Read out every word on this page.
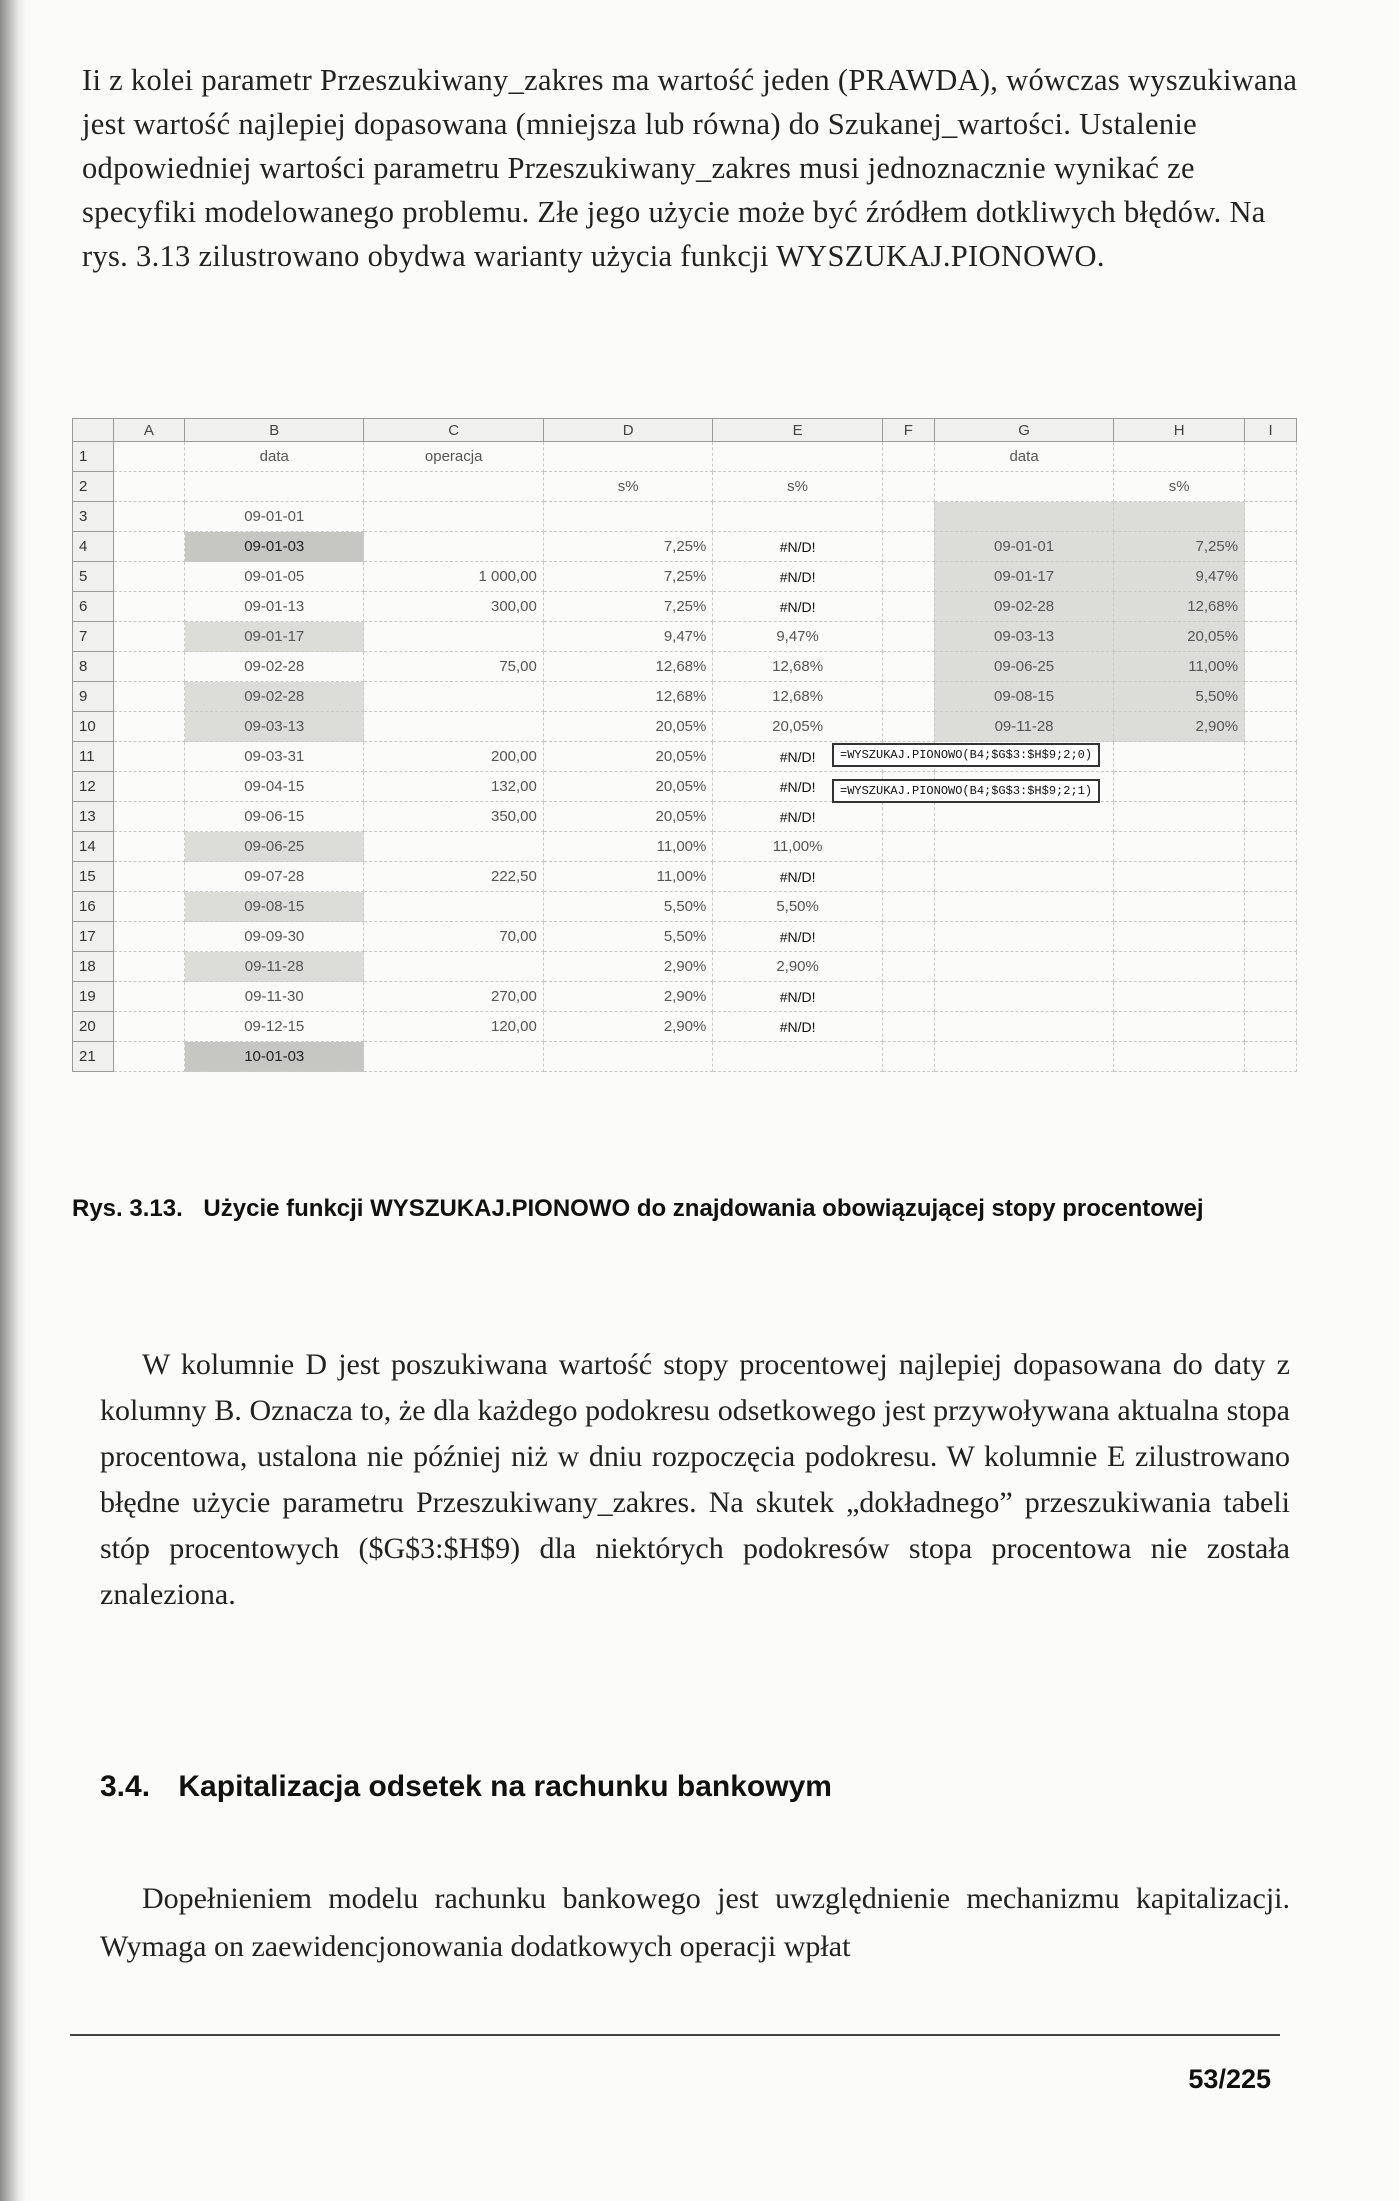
Ii z kolei parametr Przeszukiwany_zakres ma wartość jeden (PRAWDA), wówczas wyszukiwana jest wartość najlepiej dopasowana (mniejsza lub równa) do Szukanej_wartości. Ustalenie odpowiedniej wartości parametru Przeszukiwany_zakres musi jednoznacznie wynikać ze specyfiki modelowanego problemu. Złe jego użycie może być źródłem dotkliwych błędów. Na rys. 3.13 zilustrowano obydwa warianty użycia funkcji WYSZUKAJ.PIONOWO.

	A	B	C	D	E	F	G	H	I
1		data	operacja				data		
2				s%	s%			s%	
3		09-01-01							
4		09-01-03		7,25%	#N/D!		09-01-01	7,25%	
5		09-01-05	1 000,00	7,25%	#N/D!		09-01-17	9,47%	
6		09-01-13	300,00	7,25%	#N/D!		09-02-28	12,68%	
7		09-01-17		9,47%	9,47%		09-03-13	20,05%	
8		09-02-28	75,00	12,68%	12,68%		09-06-25	11,00%	
9		09-02-28		12,68%	12,68%		09-08-15	5,50%	
10		09-03-13		20,05%	20,05%		09-11-28	2,90%	
11		09-03-31	200,00	20,05%	#N/D!				
12		09-04-15	132,00	20,05%	#N/D!				
13		09-06-15	350,00	20,05%	#N/D!				
14		09-06-25		11,00%	11,00%				
15		09-07-28	222,50	11,00%	#N/D!				
16		09-08-15		5,50%	5,50%				
17		09-09-30	70,00	5,50%	#N/D!				
18		09-11-28		2,90%	2,90%				
19		09-11-30	270,00	2,90%	#N/D!				
20		09-12-15	120,00	2,90%	#N/D!				
21		10-01-03							
=WYSZUKAJ.PIONOWO(B4;$G$3:$H$9;2;0)
=WYSZUKAJ.PIONOWO(B4;$G$3:$H$9;2;1)
Rys. 3.13. Użycie funkcji WYSZUKAJ.PIONOWO do znajdowania obowiązującej stopy procentowej

W kolumnie D jest poszukiwana wartość stopy procentowej najlepiej dopasowana do daty z kolumny B. Oznacza to, że dla każdego podokresu odsetkowego jest przywoływana aktualna stopa procentowa, ustalona nie później niż w dniu rozpoczęcia podokresu. W kolumnie E zilustrowano błędne użycie parametru Przeszukiwany_zakres. Na skutek „dokładnego” przeszukiwania tabeli stóp procentowych ($G$3:$H$9) dla niektórych podokresów stopa procentowa nie została znaleziona.

3.4. Kapitalizacja odsetek na rachunku bankowym

Dopełnieniem modelu rachunku bankowego jest uwzględnienie mechanizmu kapitalizacji. Wymaga on zaewidencjonowania dodatkowych operacji wpłat

53/225
